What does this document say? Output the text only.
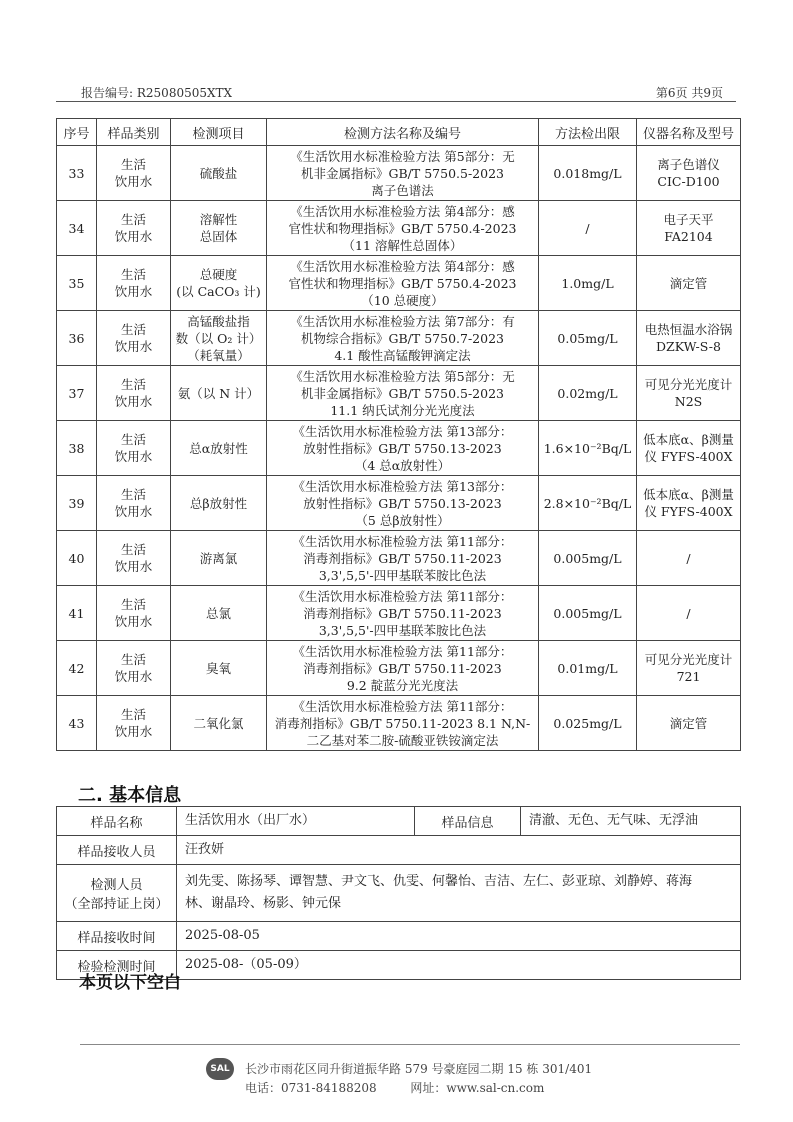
报告编号: R25080505XTX	第6页 共9页
序号	样品类别	检测项目	检测方法名称及编号	方法检出限	仪器名称及型号
33	生活
饮用水	硫酸盐	《生活饮用水标准检验方法 第5部分：无
机非金属指标》GB/T 5750.5-2023
离子色谱法	0.018mg/L	离子色谱仪
CIC-D100

34	生活
饮用水	溶解性
总固体	《生活饮用水标准检验方法 第4部分：感
官性状和物理指标》GB/T 5750.4-2023
（11 溶解性总固体）	/	电子天平
FA2104

35	生活
饮用水	总硬度
(以 CaCO₃ 计)	《生活饮用水标准检验方法 第4部分：感
官性状和物理指标》GB/T 5750.4-2023
（10 总硬度）	1.0mg/L	滴定管

36	生活
饮用水	高锰酸盐指
数（以 O₂ 计）
（耗氧量）	《生活饮用水标准检验方法 第7部分：有
机物综合指标》GB/T 5750.7-2023
4.1 酸性高锰酸钾滴定法	0.05mg/L	电热恒温水浴锅
DZKW-S-8

37	生活
饮用水	氨（以 N 计）	《生活饮用水标准检验方法 第5部分：无
机非金属指标》GB/T 5750.5-2023
11.1 纳氏试剂分光光度法	0.02mg/L	可见分光光度计
N2S

38	生活
饮用水	总α放射性	《生活饮用水标准检验方法 第13部分：
放射性指标》GB/T 5750.13-2023
（4 总α放射性）	1.6×10⁻²Bq/L	低本底α、β测量
仪 FYFS-400X

39	生活
饮用水	总β放射性	《生活饮用水标准检验方法 第13部分：
放射性指标》GB/T 5750.13-2023
（5 总β放射性）	2.8×10⁻²Bq/L	低本底α、β测量
仪 FYFS-400X

40	生活
饮用水	游离氯	《生活饮用水标准检验方法 第11部分：
消毒剂指标》GB/T 5750.11-2023
3,3',5,5'-四甲基联苯胺比色法	0.005mg/L	/

41	生活
饮用水	总氯	《生活饮用水标准检验方法 第11部分：
消毒剂指标》GB/T 5750.11-2023
3,3',5,5'-四甲基联苯胺比色法	0.005mg/L	/

42	生活
饮用水	臭氧	《生活饮用水标准检验方法 第11部分：
消毒剂指标》GB/T 5750.11-2023
9.2 靛蓝分光光度法	0.01mg/L	可见分光光度计
721

43	生活
饮用水	二氧化氯	《生活饮用水标准检验方法 第11部分：
消毒剂指标》GB/T 5750.11-2023 8.1 N,N-
二乙基对苯二胺-硫酸亚铁铵滴定法	0.025mg/L	滴定管
二. 基本信息
样品名称	生活饮用水（出厂水）	样品信息	清澈、无色、无气味、无浮油
样品接收人员	汪孜妍		

检测人员
（全部持证上岗）	刘先雯、陈扬琴、谭智慧、尹文飞、仇雯、何馨怡、吉洁、左仁、彭亚琼、刘静婷、蒋海
林、谢晶玲、杨影、钟元保		

样品接收时间	2025-08-05		
检验检测时间	2025-08-（05-09）		
本页以下空白
SAL	长沙市雨花区同升街道振华路 579 号豪庭园二期 15 栋 301/401
电话：0731-84188208	网址：www.sal-cn.com
